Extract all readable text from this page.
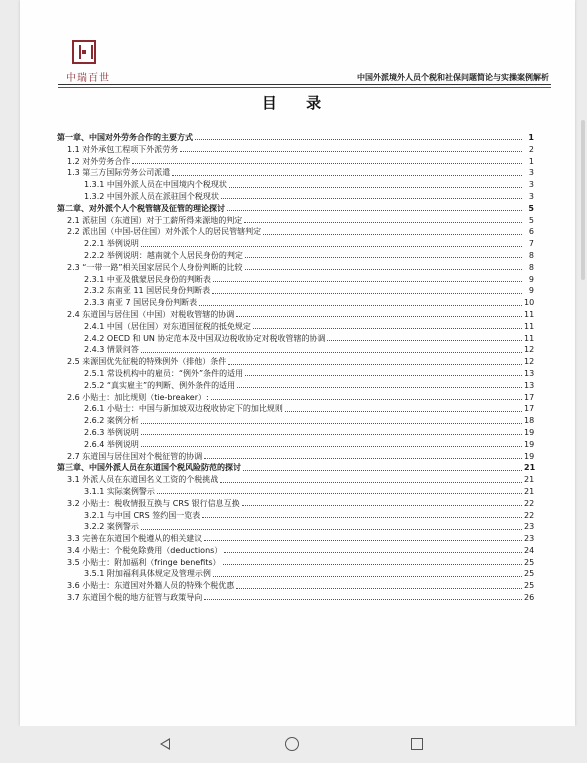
中瑞百世	中国外派境外人员个税和社保问题简论与实操案例解析
目 录
第一章、中国对外劳务合作的主要方式	1
1.1 对外承包工程项下外派劳务	2
1.2 对外劳务合作	1
1.3 第三方国际劳务公司派遣	3
1.3.1 中国外派人员在中国境内个税现状	3
1.3.2 中国外派人员在派驻国个税现状	3
第二章、对外派个人个税管辖及征管的理论探讨	5
2.1 派驻国（东道国）对于工薪所得来源地的判定	5
2.2 派出国（中国-居住国）对外派个人的居民管辖判定	6
2.2.1 举例说明	7
2.2.2 举例说明：越南就个人居民身份的判定	8
2.3 “一带一路”相关国家居民个人身份判断的比较	8
2.3.1 中亚及俄蒙居民身份的判断表	9
2.3.2 东南亚 11 国居民身份判断表	9
2.3.3 南亚 7 国居民身份判断表	10
2.4 东道国与居住国（中国）对税收管辖的协调	11
2.4.1 中国（居住国）对东道国征税的抵免规定	11
2.4.2 OECD 和 UN 协定范本及中国双边税收协定对税收管辖的协调	11
2.4.3 情景问答	12
2.5 来源国优先征税的特殊例外（排他）条件	12
2.5.1 常设机构中的雇员：“例外”条件的适用	13
2.5.2 “真实雇主”的判断、例外条件的适用	13
2.6 小贴士：加比规则（tie-breaker）:	17
2.6.1 小贴士：中国与新加坡双边税收协定下的加比规则	17
2.6.2 案例分析	18
2.6.3 举例说明	19
2.6.4 举例说明	19
2.7 东道国与居住国对个税征管的协调	19
第三章、中国外派人员在东道国个税风险防范的探讨	21
3.1 外派人员在东道国名义工资的个税挑战	21
3.1.1 实际案例警示	21
3.2 小贴士：税收情报互换与 CRS 银行信息互换	22
3.2.1 与中国 CRS 签约国一览表	22
3.2.2 案例警示	23
3.3 完善在东道国个税遵从的相关建议	23
3.4 小贴士：个税免除费用（deductions）	24
3.5 小贴士：附加福利（fringe benefits）	25
3.5.1 附加福利具体规定及管理示例	25
3.6 小贴士：东道国对外籍人员的特殊个税优惠	25
3.7 东道国个税的地方征管与政策导向	26
